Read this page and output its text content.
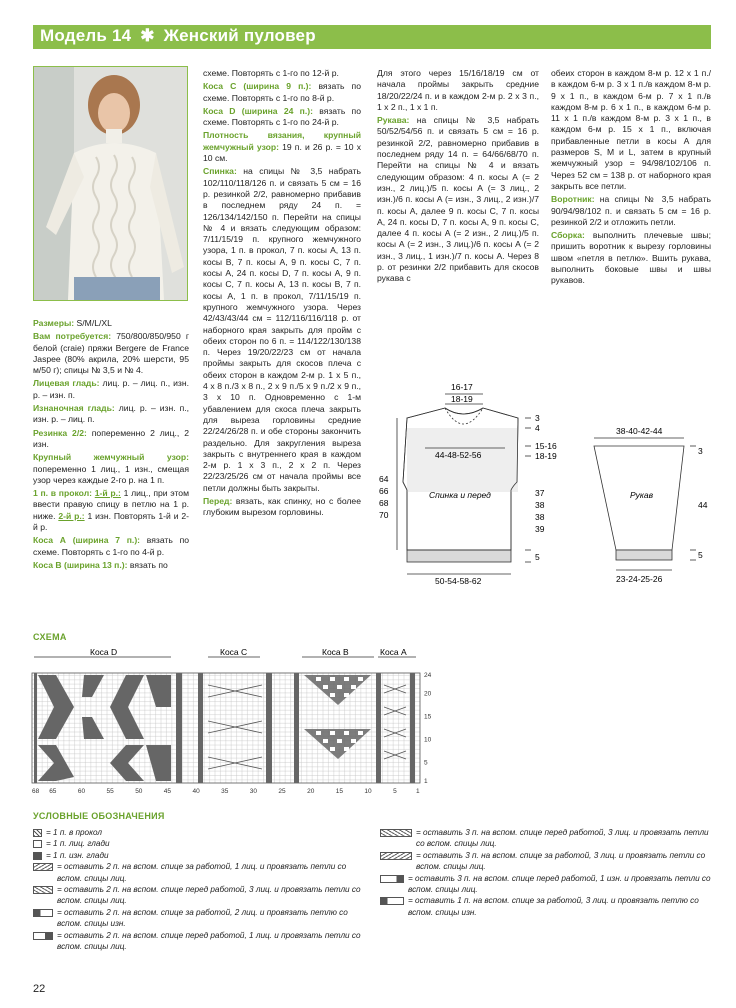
Модель 14 ✱ Женский пуловер

Размеры: S/M/L/XL

Вам потребуется: 750/800/850/950 г белой (craie) пряжи Bergere de France Jaspee (80% акрила, 20% шерсти, 95 м/50 г); спицы № 3,5 и № 4.

Лицевая гладь: лиц. р. – лиц. п., изн. р. – изн. п.

Изнаночная гладь: лиц. р. – изн. п., изн. р. – лиц. п.

Резинка 2/2: попеременно 2 лиц., 2 изн.

Крупный жемчужный узор: попеременно 1 лиц., 1 изн., смещая узор через каждые 2-го р. на 1 п.

1 п. в прокол: 1-й р.: 1 лиц., при этом ввести правую спицу в петлю на 1 р. ниже. 2-й р.: 1 изн. Повторять 1-й и 2-й р.

Коса А (ширина 7 п.): вязать по схеме. Повторять с 1-го по 4-й р.

Коса В (ширина 13 п.): вязать по

схеме. Повторять с 1-го по 12-й р.

Коса С (ширина 9 п.): вязать по схеме. Повторять с 1-го по 8-й р.

Коса D (ширина 24 п.): вязать по схеме. Повторять с 1-го по 24-й р.

Плотность вязания, крупный жемчужный узор: 19 п. и 26 р. = 10 x 10 см.

Спинка: на спицы № 3,5 набрать 102/110/118/126 п. и связать 5 см = 16 р. резинкой 2/2, равномерно прибавив в последнем ряду 24 п. = 126/134/142/150 п. Перейти на спицы № 4 и вязать следующим образом: 7/11/15/19 п. крупного жемчужного узора, 1 п. в прокол, 7 п. косы А, 13 п. косы В, 7 п. косы А, 9 п. косы С, 7 п. косы А, 24 п. косы D, 7 п. косы А, 9 п. косы С, 7 п. косы А, 13 п. косы В, 7 п. косы А, 1 п. в прокол, 7/11/15/19 п. крупного жемчужного узора. Через 42/43/43/44 см = 112/116/116/118 р. от наборного края закрыть для пройм с обеих сторон по 6 п. = 114/122/130/138 п. Через 19/20/22/23 см от начала проймы закрыть для скосов плеча с обеих сторон в каждом 2-м р. 1 x 5 п., 4 x 8 п./3 x 8 п., 2 x 9 п./5 x 9 п./2 x 9 п., 3 x 10 п. Одновременно с 1-м убавлением для скоса плеча закрыть для выреза горловины средние 22/24/26/28 п. и обе стороны закончить раздельно. Для закругления выреза закрыть с внутреннего края в каждом 2-м р. 1 x 3 п., 2 x 2 п. Через 22/23/25/26 см от начала проймы все петли должны быть закрыты.

Перед: вязать, как спинку, но с более глубоким вырезом горловины.

Для этого через 15/16/18/19 см от начала проймы закрыть средние 18/20/22/24 п. и в каждом 2-м р. 2 x 3 п., 1 x 2 п., 1 x 1 п.

Рукава: на спицы № 3,5 набрать 50/52/54/56 п. и связать 5 см = 16 р. резинкой 2/2, равномерно прибавив в последнем ряду 14 п. = 64/66/68/70 п. Перейти на спицы № 4 и вязать следующим образом: 4 п. косы А (= 2 изн., 2 лиц.)/5 п. косы А (= 3 лиц., 2 изн.)/6 п. косы А (= изн., 3 лиц., 2 изн.)/7 п. косы А, далее 9 п. косы С, 7 п. косы А, 24 п. косы D, 7 п. косы А, 9 п. косы С, далее 4 п. косы А (= 2 изн., 2 лиц.)/5 п. косы А (= 2 изн., 3 лиц.)/6 п. косы А (= 2 изн., 3 лиц., 1 изн.)/7 п. косы А. Через 8 р. от резинки 2/2 прибавить для скосов рукава с

обеих сторон в каждом 8-м р. 12 x 1 п./в каждом 6-м р. 3 x 1 п./в каждом 8-м р. 9 x 1 п., в каждом 6-м р. 7 x 1 п./в каждом 8-м р. 6 x 1 п., в каждом 6-м р. 11 x 1 п./в каждом 8-м р. 3 x 1 п., в каждом 6-м р. 15 x 1 п., включая прибавленные петли в косы А для размеров S, M и L, затем в крупный жемчужный узор = 94/98/102/106 п. Через 52 см = 138 р. от наборного края закрыть все петли.

Воротник: на спицы № 3,5 набрать 90/94/98/102 п. и связать 5 см = 16 р. резинкой 2/2 и отложить петли.

Сборка: выполнить плечевые швы; пришить воротник к вырезу горловины швом «петля в петлю». Вшить рукава, выполнить боковые швы и швы рукавов.

16-17
18-19
3
4
15-16
18-19
44-48-52-56
Спинка и перед
64
66
68
70
37
38
38
39
5
50-54-58-62
38-40-42-44
3
Рукав
44
5
23-24-25-26
СХЕМА
Коса D	Коса С	Коса B	Коса A
68 65	60	55	50	45	40	35	30	25	20	15	10	5	1
24
20
15
10
5
1
УСЛОВНЫЕ ОБОЗНАЧЕНИЯ
= 1 п. в прокол
= 1 п. лиц. глади
= 1 п. изн. глади
= оставить 2 п. на вспом. спице за работой, 1 лиц. и провязать петли со вспом. спицы лиц.
= оставить 2 п. на вспом. спице перед работой, 3 лиц. и провязать петли со вспом. спицы лиц.
= оставить 2 п. на вспом. спице за работой, 2 лиц. и провязать петлю со вспом. спицы изн.
= оставить 2 п. на вспом. спице перед работой, 1 лиц. и провязать петли со вспом. спицы лиц.
= оставить 3 п. на вспом. спице перед работой, 3 лиц. и провязать петли со вспом. спицы лиц.
= оставить 3 п. на вспом. спице за работой, 3 лиц. и провязать петли со вспом. спицы лиц.
= оставить 3 п. на вспом. спице перед работой, 1 изн. и провязать петли со вспом. спицы лиц.
= оставить 1 п. на вспом. спице за работой, 3 лиц. и провязать петлю со вспом. спицы изн.
22
